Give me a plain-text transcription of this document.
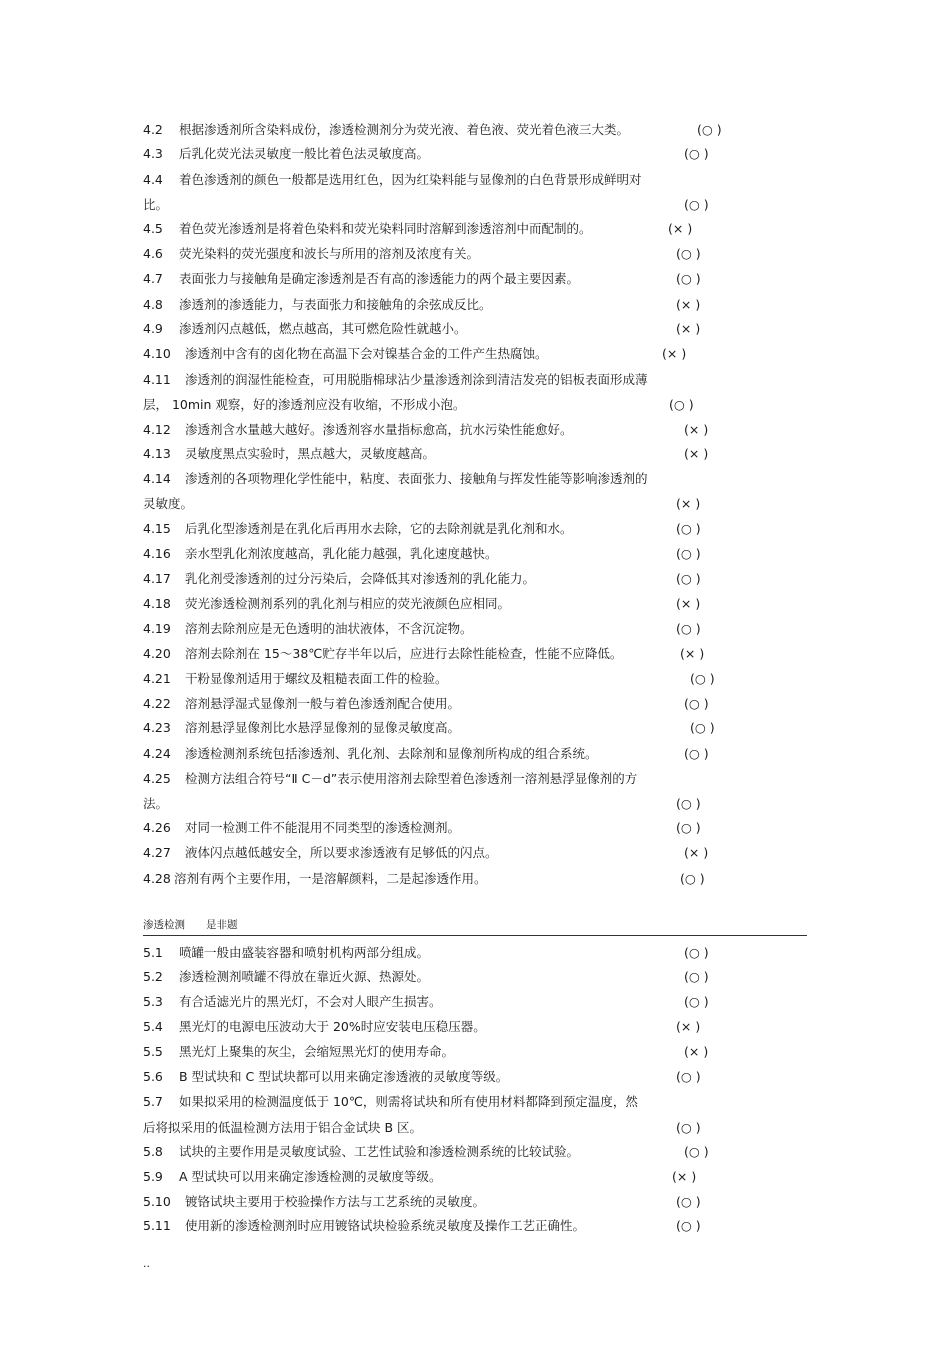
4.2 根据渗透剂所含染料成份，渗透检测剂分为荧光液、着色液、荧光着色液三大类。	(○ )
4.3 后乳化荧光法灵敏度一般比着色法灵敏度高。	(○ )
4.4 着色渗透剂的颜色一般都是选用红色，因为红染料能与显像剂的白色背景形成鲜明对
比。	(○ )
4.5 着色荧光渗透剂是将着色染料和荧光染料同时溶解到渗透溶剂中而配制的。	(× )
4.6 荧光染料的荧光强度和波长与所用的溶剂及浓度有关。	(○ )
4.7 表面张力与接触角是确定渗透剂是否有高的渗透能力的两个最主要因素。	(○ )
4.8 渗透剂的渗透能力，与表面张力和接触角的余弦成反比。	(× )
4.9 渗透剂闪点越低，燃点越高，其可燃危险性就越小。	(× )
4.10 渗透剂中含有的卤化物在高温下会对镍基合金的工件产生热腐蚀。	(× )
4.11 渗透剂的润湿性能检查，可用脱脂棉球沾少量渗透剂涂到清洁发亮的铝板表面形成薄
层， 10min 观察，好的渗透剂应没有收缩，不形成小泡。	(○ )
4.12 渗透剂含水量越大越好。渗透剂容水量指标愈高，抗水污染性能愈好。	(× )
4.13 灵敏度黑点实验时，黑点越大，灵敏度越高。	(× )
4.14 渗透剂的各项物理化学性能中，粘度、表面张力、接触角与挥发性能等影响渗透剂的
灵敏度。	(× )
4.15 后乳化型渗透剂是在乳化后再用水去除，它的去除剂就是乳化剂和水。	(○ )
4.16 亲水型乳化剂浓度越高，乳化能力越强，乳化速度越快。	(○ )
4.17 乳化剂受渗透剂的过分污染后，会降低其对渗透剂的乳化能力。	(○ )
4.18 荧光渗透检测剂系列的乳化剂与相应的荧光液颜色应相同。	(× )
4.19 溶剂去除剂应是无色透明的油状液体，不含沉淀物。	(○ )
4.20 溶剂去除剂在 15～38℃贮存半年以后，应进行去除性能检查，性能不应降低。	(× )
4.21 干粉显像剂适用于螺纹及粗糙表面工件的检验。	(○ )
4.22 溶剂悬浮湿式显像剂一般与着色渗透剂配合使用。	(○ )
4.23 溶剂悬浮显像剂比水悬浮显像剂的显像灵敏度高。	(○ )
4.24 渗透检测剂系统包括渗透剂、乳化剂、去除剂和显像剂所构成的组合系统。	(○ )
4.25 检测方法组合符号“Ⅱ C－d”表示使用溶剂去除型着色渗透剂一溶剂悬浮显像剂的方
法。	(○ )
4.26 对同一检测工件不能混用不同类型的渗透检测剂。	(○ )
4.27 液体闪点越低越安全，所以要求渗透液有足够低的闪点。	(× )
4.28 溶剂有两个主要作用，一是溶解颜料，二是起渗透作用。	(○ )
渗透检测　　是非题
5.1 喷罐一般由盛装容器和喷射机构两部分组成。	(○ )
5.2 渗透检测剂喷罐不得放在靠近火源、热源处。	(○ )
5.3 有合适滤光片的黑光灯，不会对人眼产生损害。	(○ )
5.4 黑光灯的电源电压波动大于 20%时应安装电压稳压器。	(× )
5.5 黑光灯上聚集的灰尘，会缩短黑光灯的使用寿命。	(× )
5.6 B 型试块和 C 型试块都可以用来确定渗透液的灵敏度等级。	(○ )
5.7 如果拟采用的检测温度低于 10℃，则需将试块和所有使用材料都降到预定温度，然
后将拟采用的低温检测方法用于铝合金试块 B 区。	(○ )
5.8 试块的主要作用是灵敏度试验、工艺性试验和渗透检测系统的比较试验。	(○ )
5.9 A 型试块可以用来确定渗透检测的灵敏度等级。	(× )
5.10 镀铬试块主要用于校验操作方法与工艺系统的灵敏度。	(○ )
5.11 使用新的渗透检测剂时应用镀铬试块检验系统灵敏度及操作工艺正确性。	(○ )
..
